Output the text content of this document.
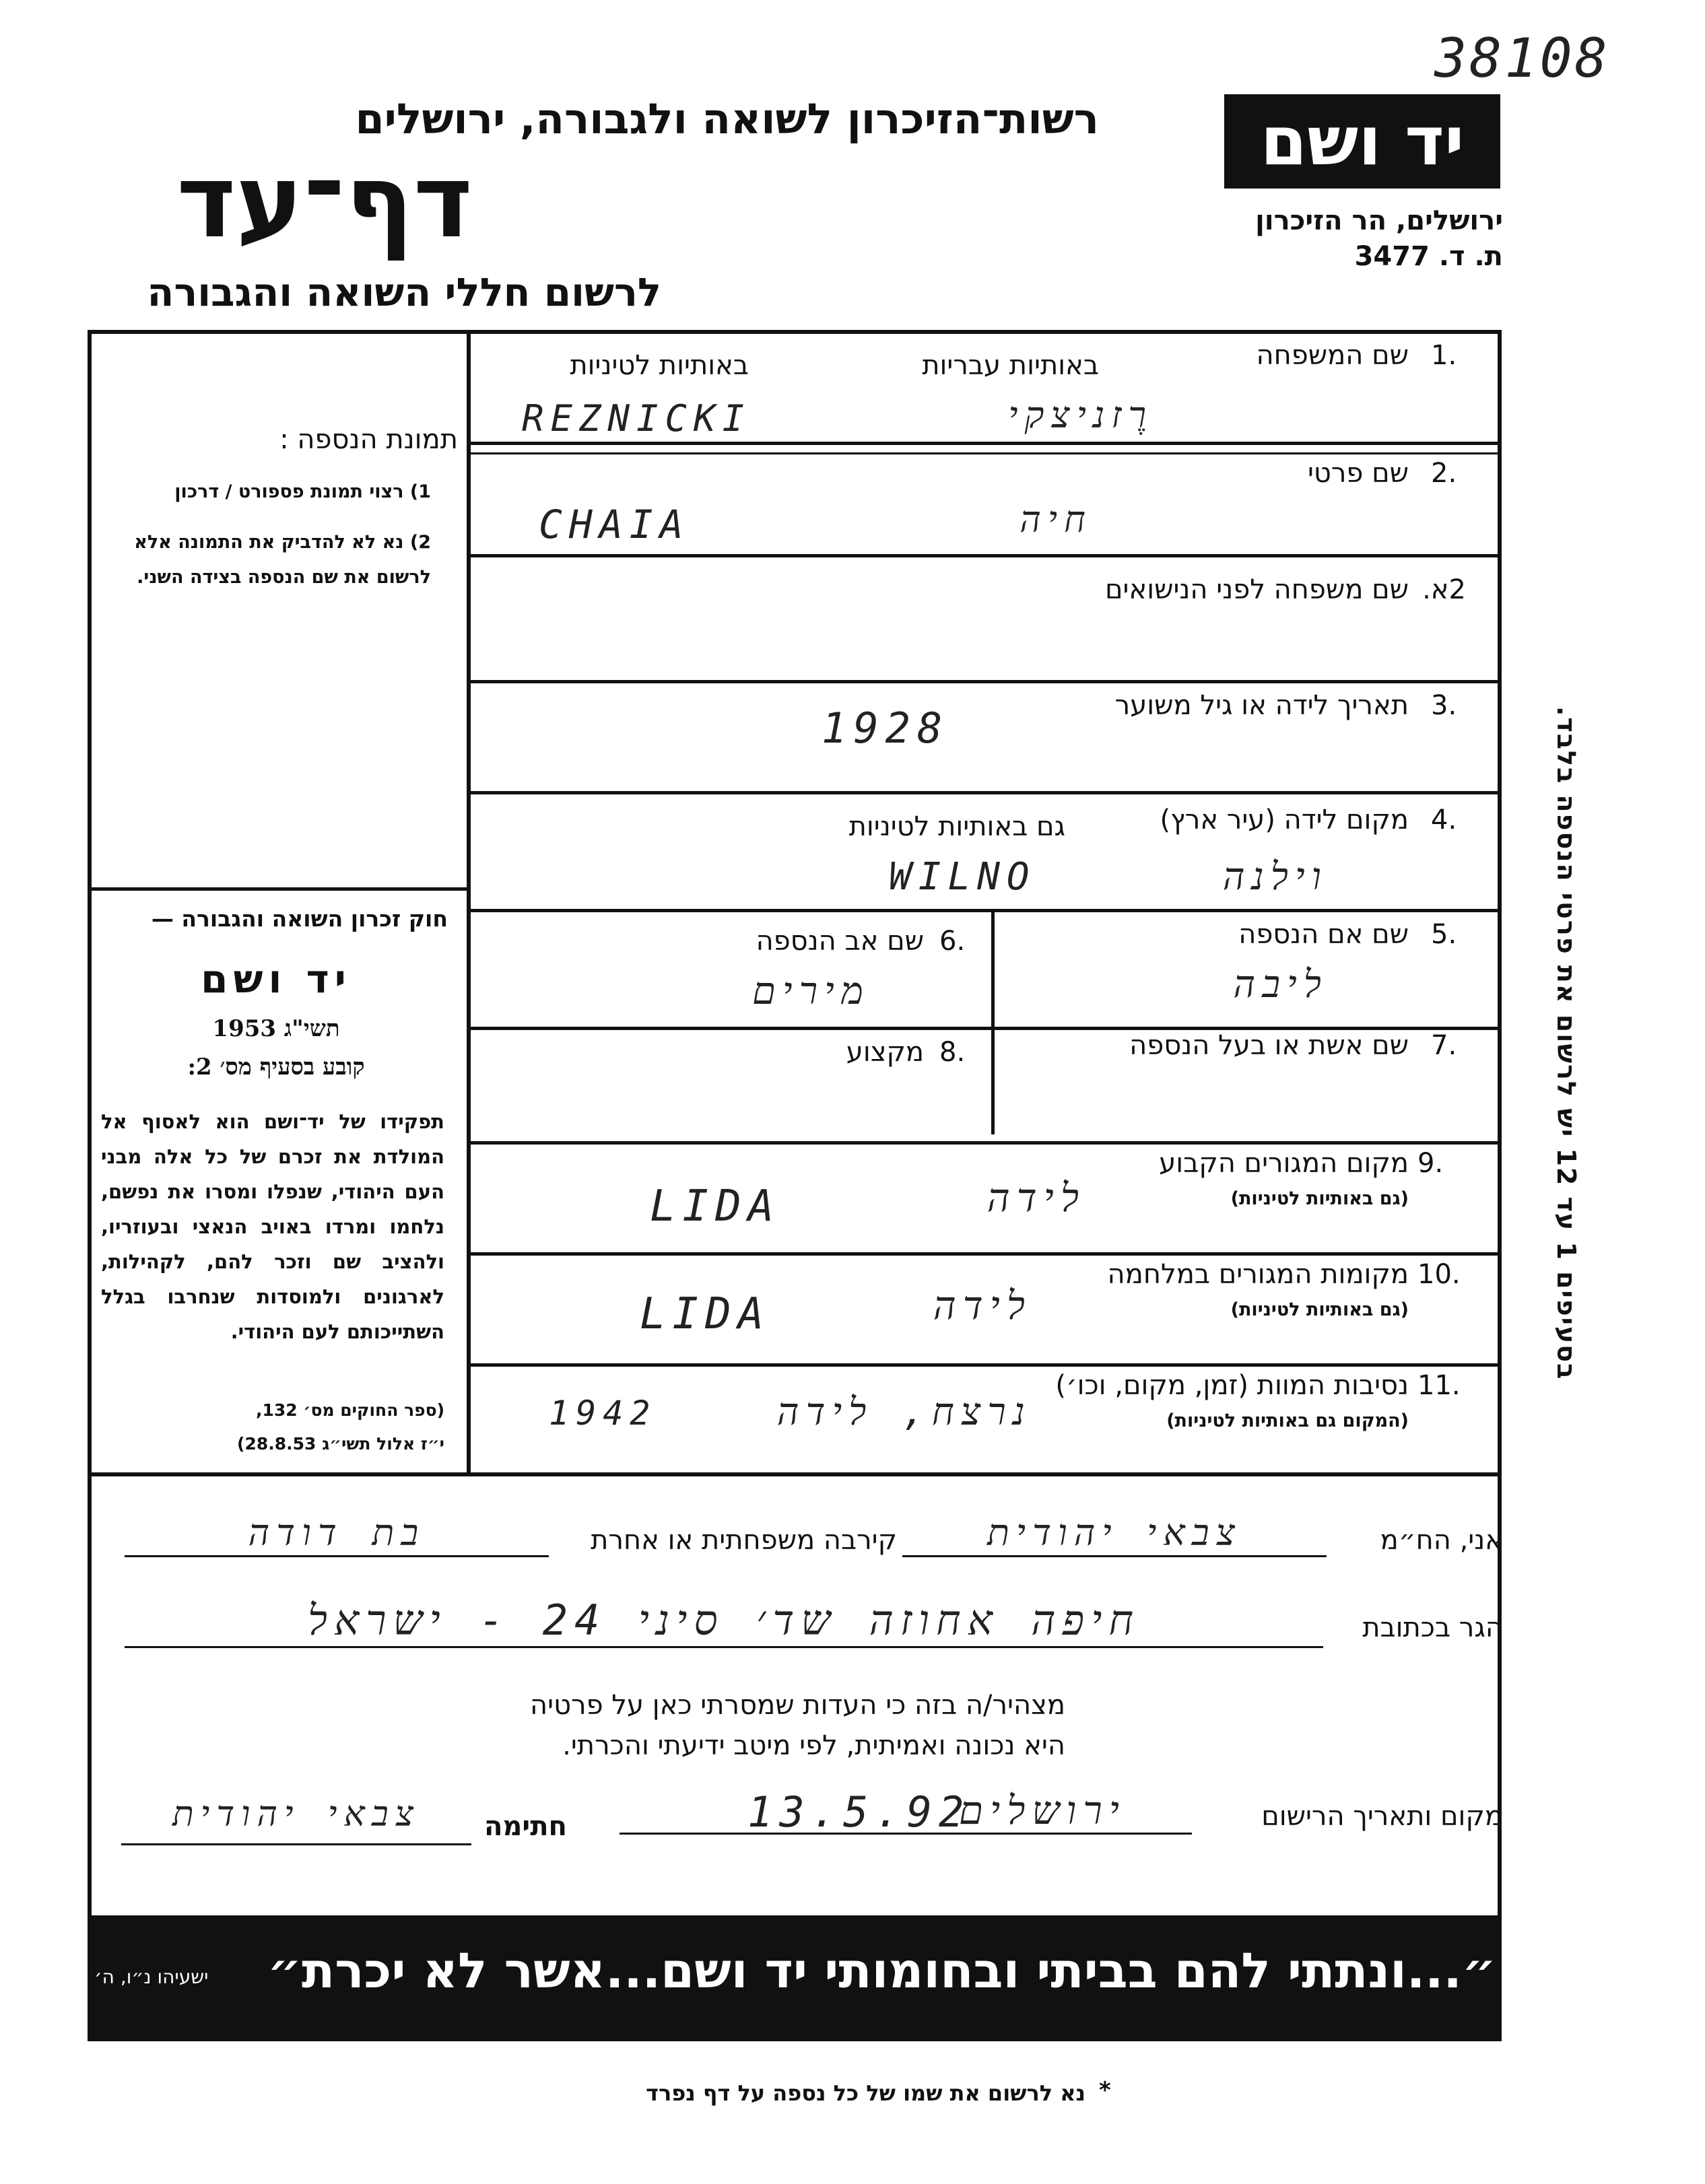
38108
רשות־הזיכרון לשואה ולגבורה, ירושלים
דף־עד
לרשום חללי השואה והגבורה
יד ושם
ירושלים, הר הזיכרון
ת. ד. 3477
תמונת הנספה :
1) רצוי תמונת פספורט / דרכון
2) נא לא להדביק את התמונה אלא לרשום את שם הנספה בצידה השני.
חוק זכרון השואה והגבורה —
יד ושם
תשי"ג 1953
קובע בסעיף מס׳ 2:
תפקידו של יד־ושם הוא לאסוף אל המולדת את זכרם של כל אלה מבני העם היהודי, שנפלו ומסרו את נפשם, נלחמו ומרדו באויב הנאצי ובעוזריו, ולהציב שם וזכר להם, לקהילות, לארגונים ולמוסדות שנחרבו בגלל השתייכותם לעם היהודי.
(ספר החוקים מס׳ 132,
י״ז אלול תשי״ג 28.8.53)
1.
שם המשפחה
באותיות עבריות
באותיות לטיניות
רֶזניצקי
REZNICKI
2.
שם פרטי
חיה
CHAIA
2א.
שם משפחה לפני הנישואים
3.
תאריך לידה או גיל משוער
1928
4.
מקום לידה (עיר ארץ)
גם באותיות לטיניות
וילנה
WILNO
5.
שם אם הנספה
ליבה
6.
שם אב הנספה
מירים
7.
שם אשת או בעל הנספה
8.
מקצוע
9.
מקום המגורים הקבוע
(גם באותיות לטיניות)
לידה
LIDA
10.
מקומות המגורים במלחמה
(גם באותיות לטיניות)
לידה
LIDA
11.
נסיבות המוות (זמן, מקום, וכו׳)
(המקום גם באותיות לטיניות)
נרצח, לידה
1942
בסעיפים 1 עד 12 יש לרשום את פרטי הנספה בלבד.
אני, הח״מ
צבאי יהודית
קירבה משפחתית או אחרת
בת דודה
הגר בכתובת
חיפה אחוזה שד׳ סיני 24 - ישראל
מצהיר/ה בזה כי העדות שמסרתי כאן על פרטיה
היא נכונה ואמיתית, לפי מיטב ידיעתי והכרתי.
מקום ותאריך הרישום
ירושלים
13.5.92
חתימה
צבאי יהודית
״...ונתתי להם בביתי ובחומותי יד ושם...אשר לא יכרת״
ישעיהו נ״ו, ה׳
*
נא לרשום את שמו של כל נספה על דף נפרד
